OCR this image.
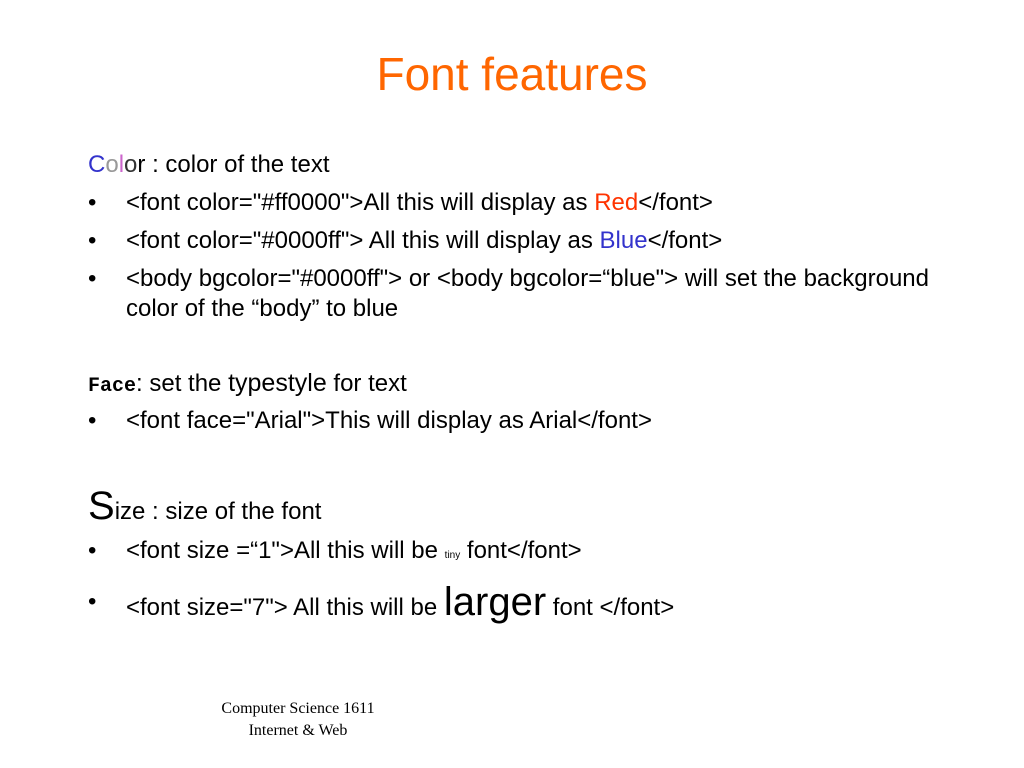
Font features
Color : color of the text
• <font color="#ff0000">All this will display as Red</font>
• <font color="#0000ff"> All this will display as Blue</font>
• <body bgcolor="#0000ff"> or <body bgcolor=“blue"> will set the background color of the “body” to blue
Face: set the typestyle for text
• <font face="Arial">This will display as Arial</font>
Size : size of the font
• <font size =“1">All this will be tiny font</font>
• <font size="7"> All this will be larger font </font>
Computer Science 1611
Internet & Web
